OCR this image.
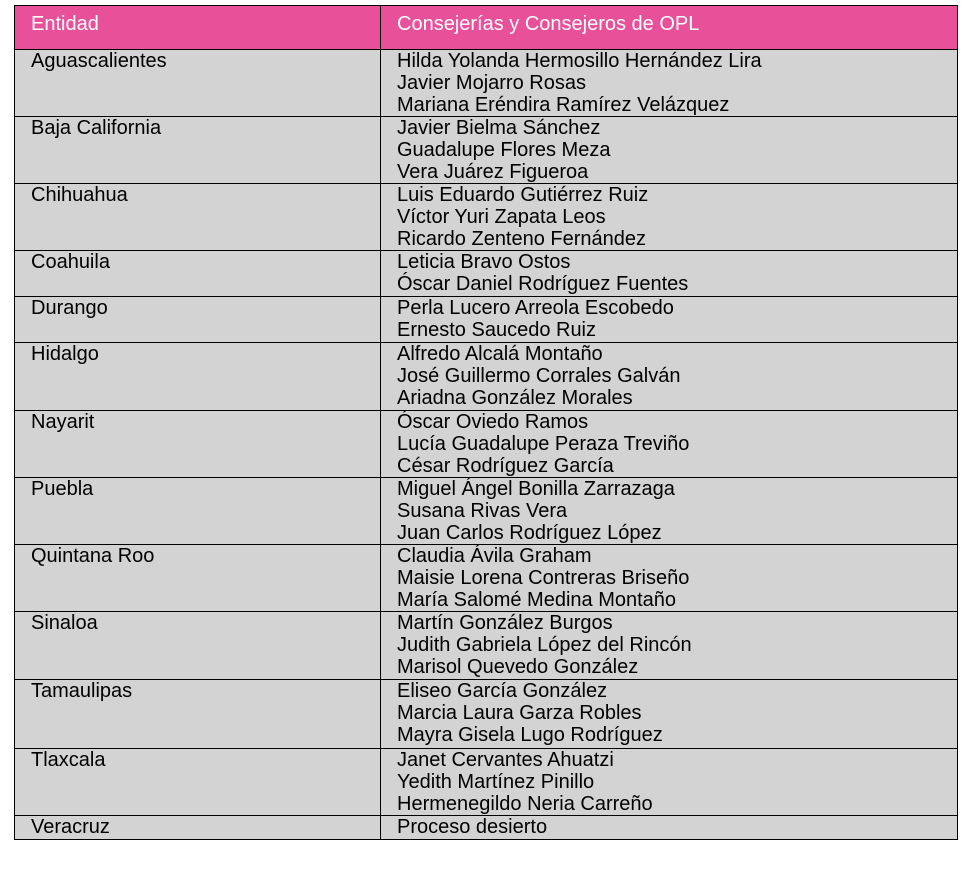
Entidad	Consejerías y Consejeros de OPL
Aguascalientes	Hilda Yolanda Hermosillo Hernández Lira
Javier Mojarro Rosas
Mariana Eréndira Ramírez Velázquez

Baja California	Javier Bielma Sánchez
Guadalupe Flores Meza
Vera Juárez Figueroa

Chihuahua	Luis Eduardo Gutiérrez Ruiz
Víctor Yuri Zapata Leos
Ricardo Zenteno Fernández

Coahuila	Leticia Bravo Ostos
Óscar Daniel Rodríguez Fuentes

Durango	Perla Lucero Arreola Escobedo
Ernesto Saucedo Ruiz

Hidalgo	Alfredo Alcalá Montaño
José Guillermo Corrales Galván
Ariadna González Morales

Nayarit	Óscar Oviedo Ramos
Lucía Guadalupe Peraza Treviño
César Rodríguez García

Puebla	Miguel Ángel Bonilla Zarrazaga
Susana Rivas Vera
Juan Carlos Rodríguez López

Quintana Roo	Claudia Ávila Graham
Maisie Lorena Contreras Briseño
María Salomé Medina Montaño

Sinaloa	Martín González Burgos
Judith Gabriela López del Rincón
Marisol Quevedo González

Tamaulipas	Eliseo García González
Marcia Laura Garza Robles
Mayra Gisela Lugo Rodríguez

Tlaxcala	Janet Cervantes Ahuatzi
Yedith Martínez Pinillo
Hermenegildo Neria Carreño

Veracruz	Proceso desierto
